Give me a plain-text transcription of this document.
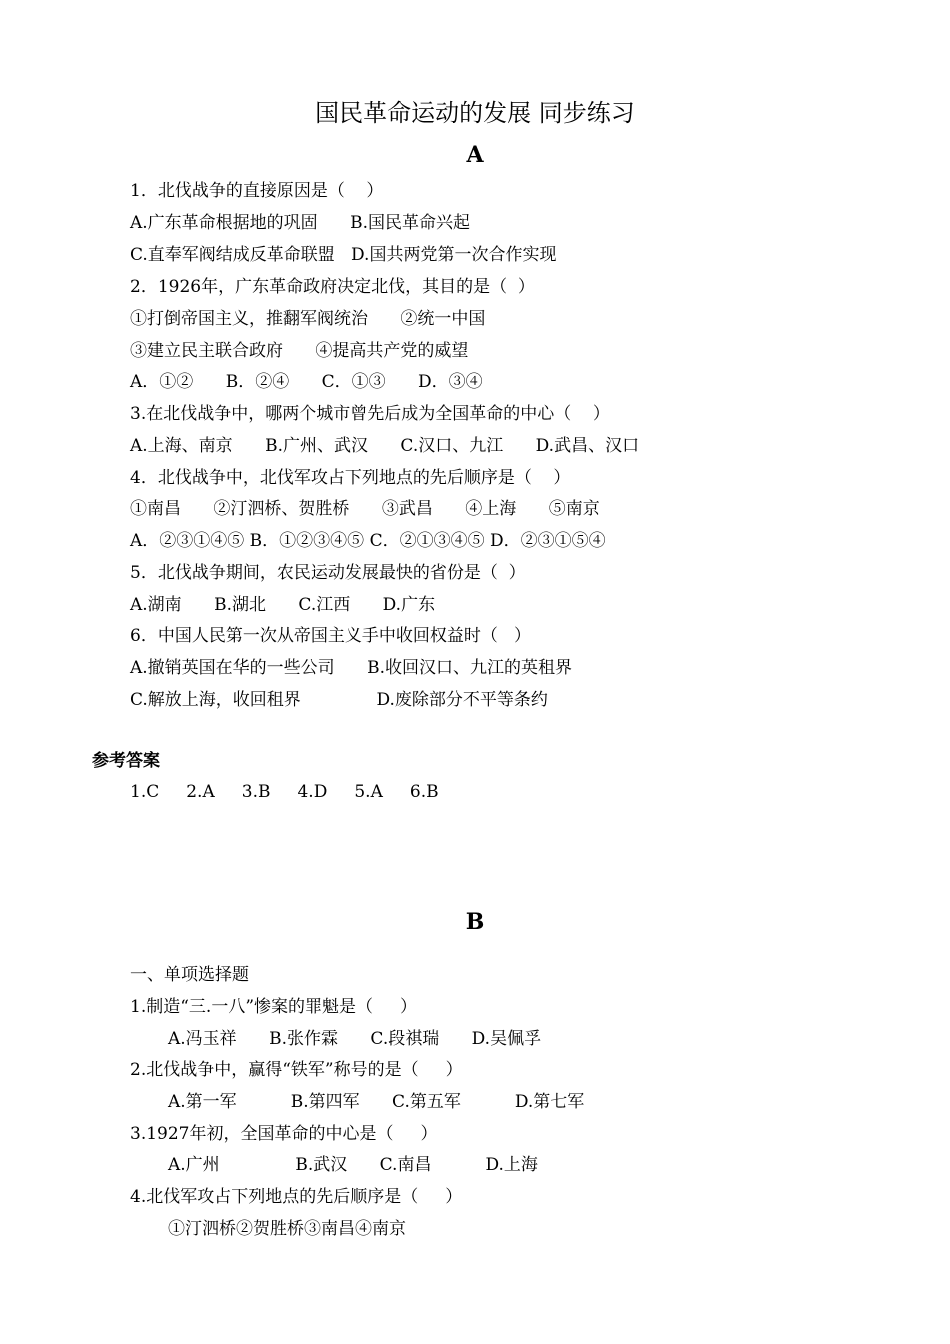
国民革命运动的发展 同步练习
A
1．北伐战争的直接原因是（    ）
A.广东革命根据地的巩固      B.国民革命兴起
C.直奉军阀结成反革命联盟   D.国共两党第一次合作实现
2．1926年，广东革命政府决定北伐，其目的是（  ）
①打倒帝国主义，推翻军阀统治      ②统一中国
③建立民主联合政府      ④提高共产党的威望
A．①②      B．②④      C．①③      D．③④
3.在北伐战争中，哪两个城市曾先后成为全国革命的中心（    ）
A.上海、南京      B.广州、武汉      C.汉口、九江      D.武昌、汉口
4．北伐战争中，北伐军攻占下列地点的先后顺序是（    ）
①南昌      ②汀泗桥、贺胜桥      ③武昌      ④上海      ⑤南京
A．②③①④⑤ B．①②③④⑤ C．②①③④⑤ D．②③①⑤④
5．北伐战争期间，农民运动发展最快的省份是（  ）
A.湖南      B.湖北      C.江西      D.广东
6．中国人民第一次从帝国主义手中收回权益时（   ）
A.撤销英国在华的一些公司      B.收回汉口、九江的英租界
C.解放上海，收回租界              D.废除部分不平等条约
参考答案
1.C     2.A     3.B     4.D     5.A     6.B
B
一、单项选择题
1.制造“三.一八”惨案的罪魁是（     ）
A.冯玉祥      B.张作霖      C.段祺瑞      D.吴佩孚
2.北伐战争中，赢得“铁军”称号的是（     ）
A.第一军          B.第四军      C.第五军          D.第七军
3.1927年初，全国革命的中心是（     ）
A.广州              B.武汉      C.南昌          D.上海
4.北伐军攻占下列地点的先后顺序是（     ）
①汀泗桥②贺胜桥③南昌④南京
